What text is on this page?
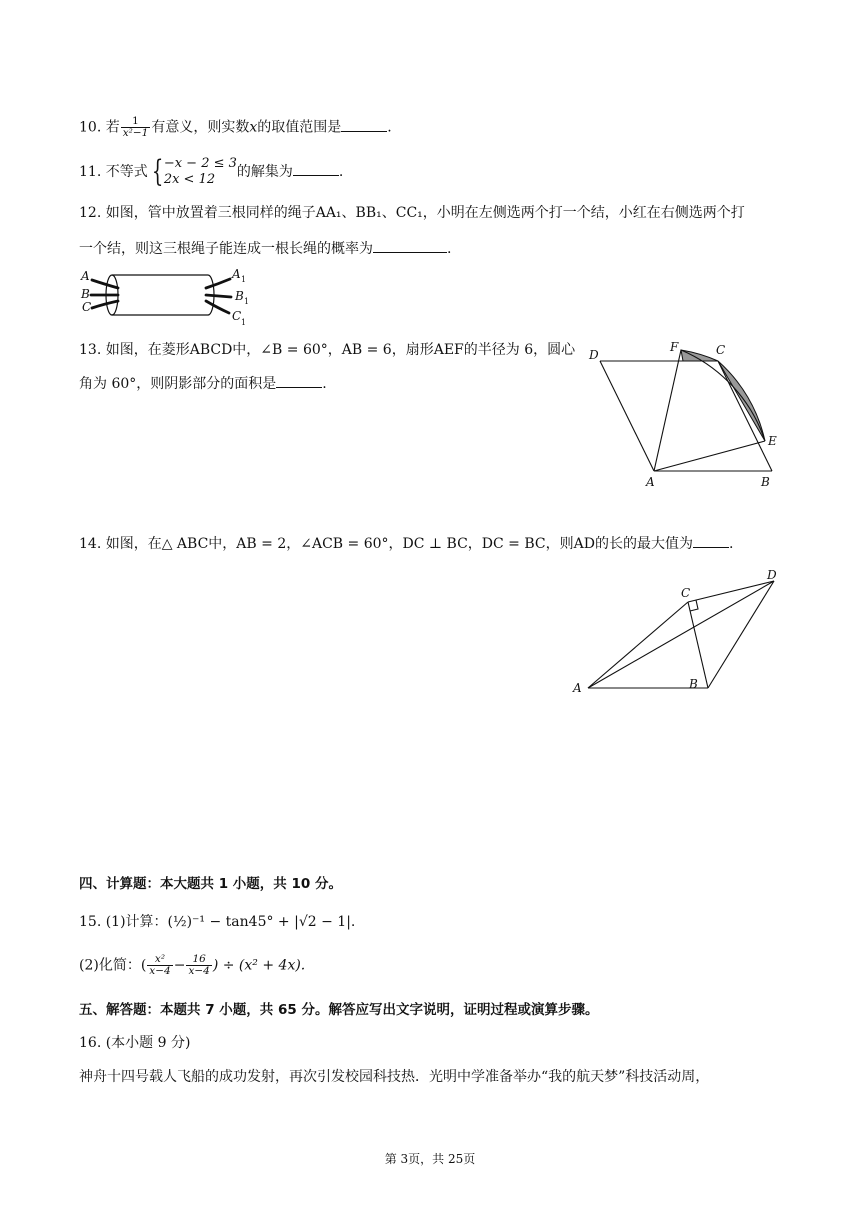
10. 若 $\frac{1}{\text{x²−1}}$ 有意义，则实数x的取值范围是	.
11. 不等式 { −x − 2 ≤ 3
2x < 12	的解集为	.
12. 如图，管中放置着三根同样的绳子AA₁、BB₁、CC₁，小明在左侧选两个打一个结，小红在右侧选两个打
一个结，则这三根绳子能连成一根长绳的概率为	.
A
B
C
A 1
B 1
C 1
13. 如图，在菱形ABCD中，∠B = 60°，AB = 6，扇形AEF的半径为 6，圆心
角为 60°，则阴影部分的面积是	.
D
F	C
E
A	B
14. 如图，在△ ABC中，AB = 2，∠ACB = 60°，DC ⊥ BC，DC = BC，则AD的长的最大值为	.
A	B
C
D
四、计算题：本大题共 1 小题，共 10 分。
15. (1)计算：(½)⁻¹ − tan45° + |√2 − 1|.
(2)化简：( $\frac{\text{x²}}{x-4} - \frac{16}{x-4}$ ) ÷ (x² + 4x).
五、解答题：本题共 7 小题，共 65 分。解答应写出文字说明，证明过程或演算步骤。
16. (本小题 9 分)
神舟十四号载人飞船的成功发射，再次引发校园科技热．光明中学准备举办“我的航天梦”科技活动周，
第 3页，共 25页
